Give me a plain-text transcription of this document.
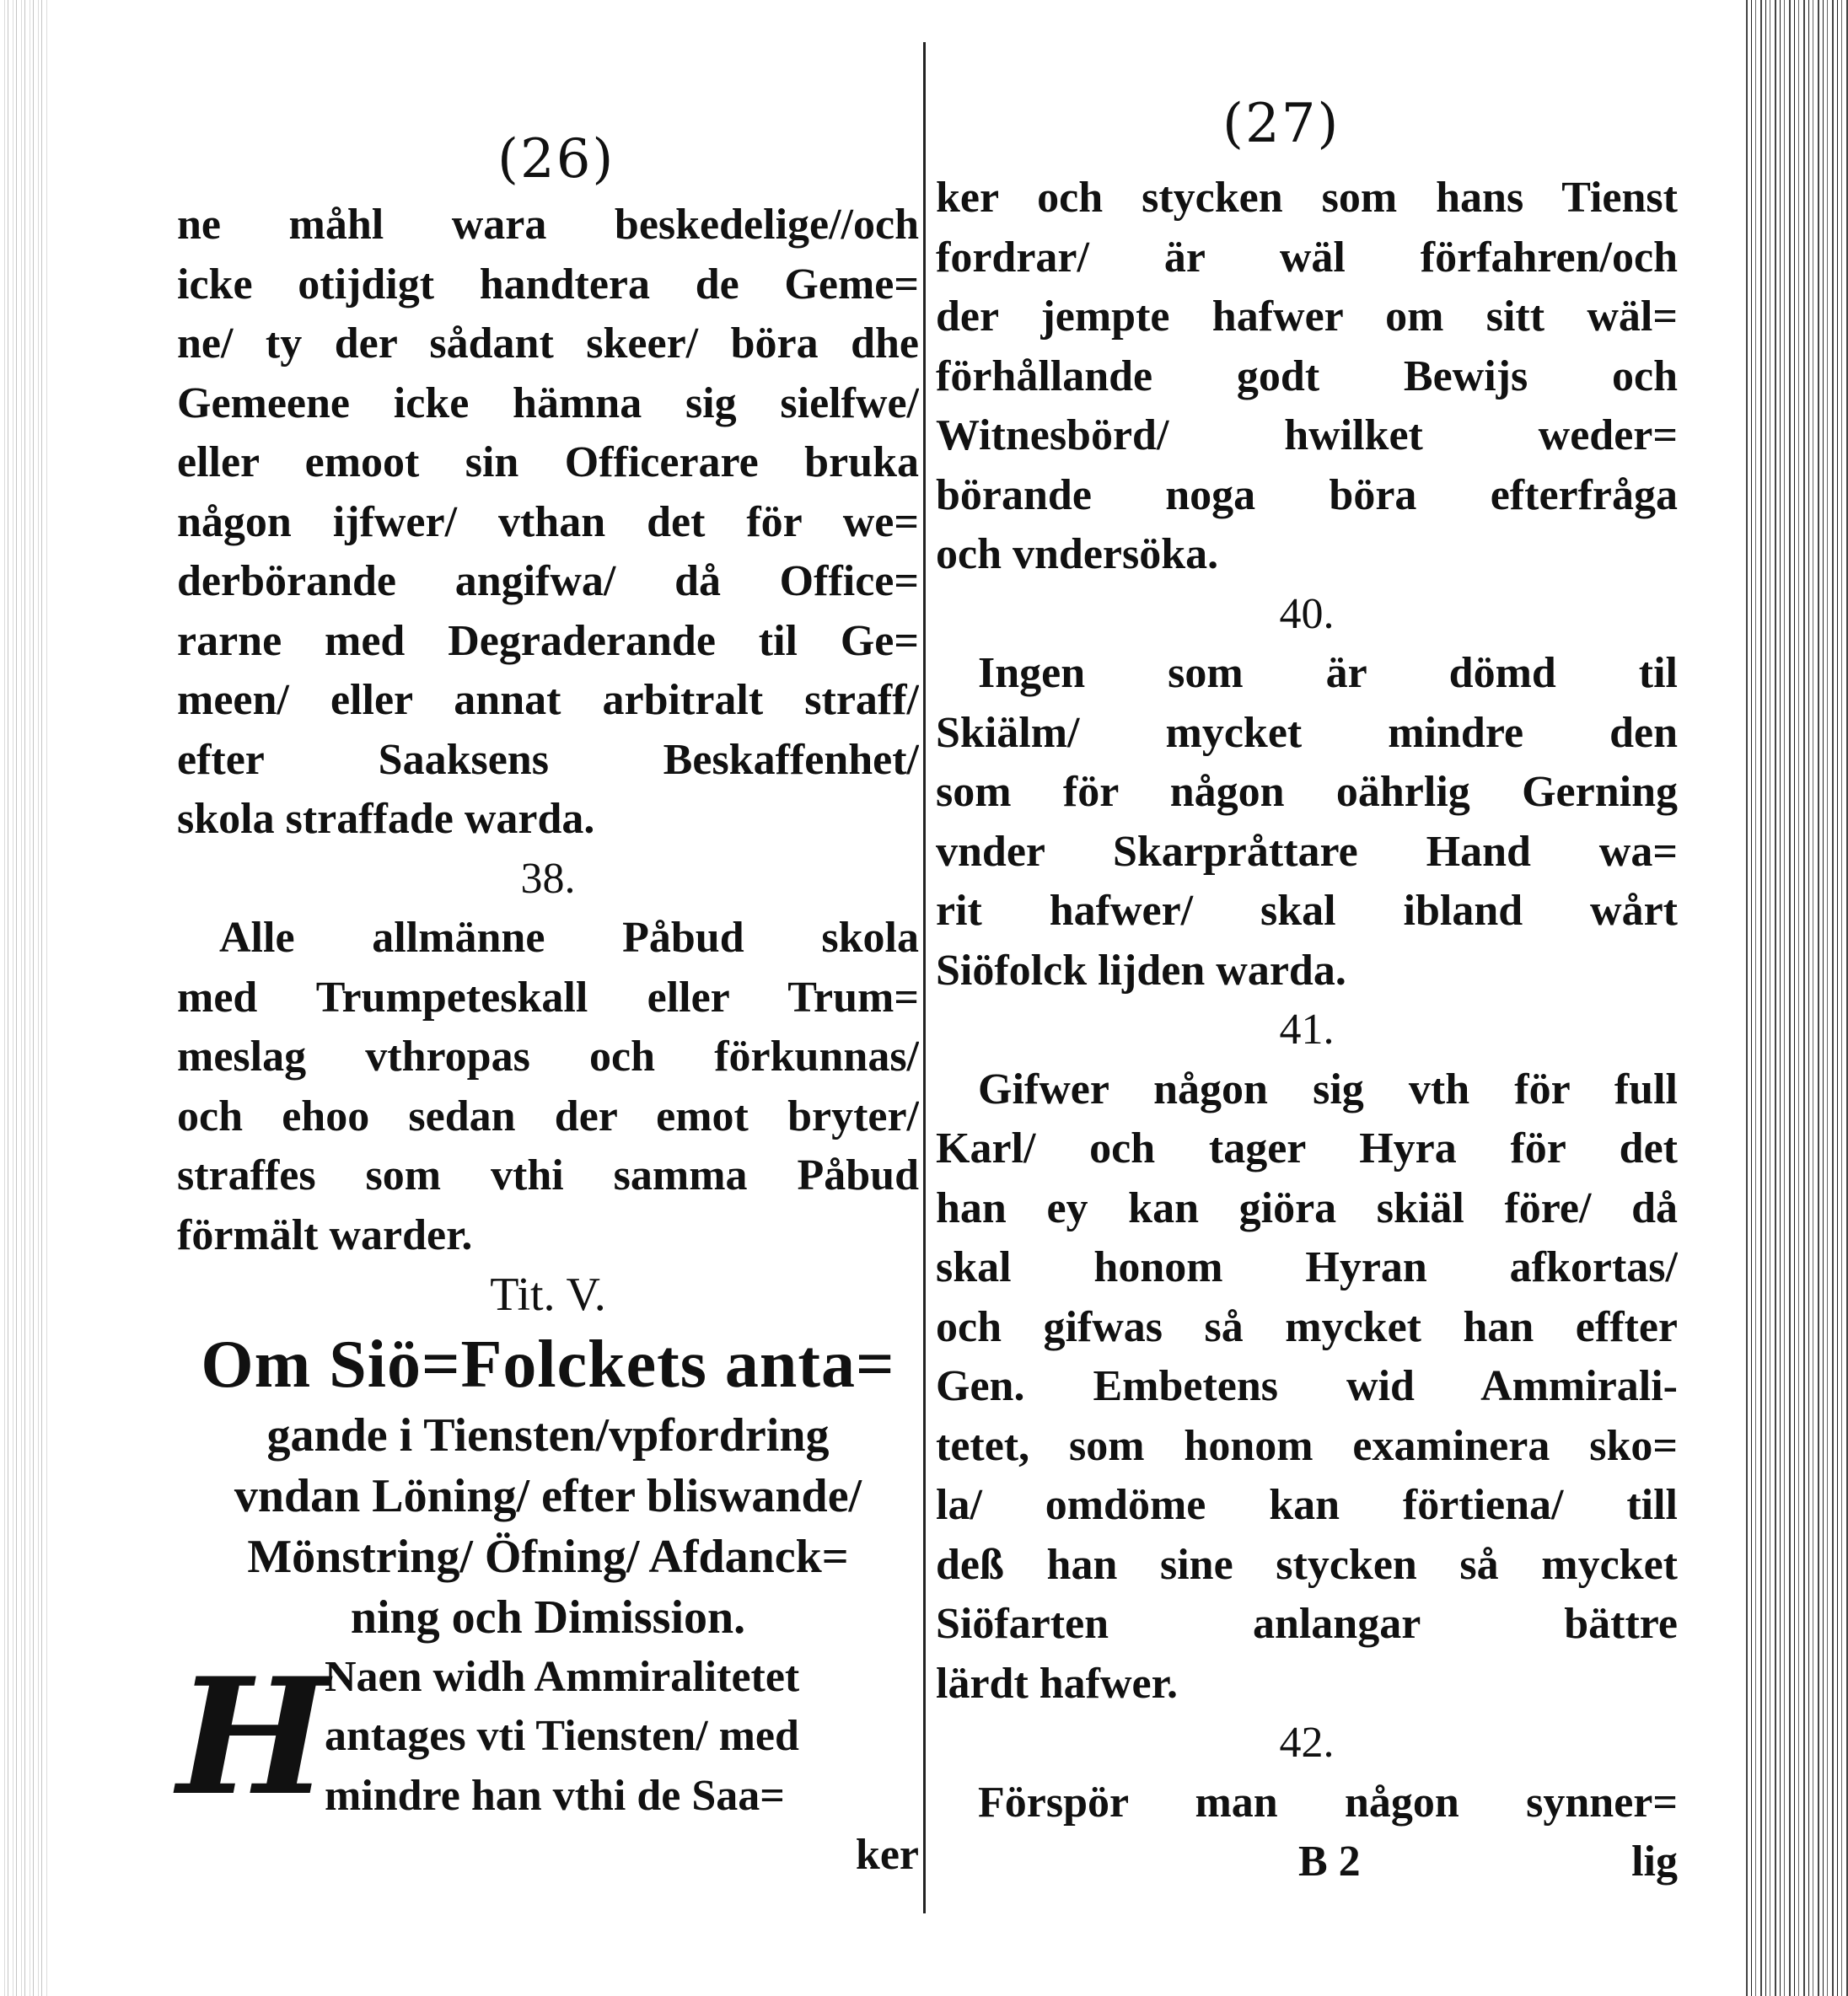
(26)
ne måhl wara beskedelige//och
icke otijdigt handtera de Geme=
ne/ ty der sådant skeer/ böra dhe
Gemeene icke hämna sig sielfwe/
eller emoot sin Officerare bruka
någon ijfwer/ vthan det för we=
derbörande angifwa/ då Office=
rarne med Degraderande til Ge=
meen/ eller annat arbitralt straff/
efter Saaksens Beskaffenhet/
skola straffade warda.
38.
Alle allmänne Påbud skola
med Trumpeteskall eller Trum=
meslag vthropas och förkunnas/
och ehoo sedan der emot bryter/
straffes som vthi samma Påbud
förmält warder.
Tit. V.
Om Siö=Folckets anta=
gande i Tiensten/vpfordring
vndan Löning/ efter bliswande/
Mönstring/ Öfning/ Afdanck=
ning och Dimission.
H
Naen widh Ammiralitetet
antages vti Tiensten/ med
mindre han vthi de Saa=
ker
(27)
ker och stycken som hans Tienst
fordrar/ är wäl förfahren/och
der jempte hafwer om sitt wäl=
förhållande godt Bewijs och
Witnesbörd/ hwilket weder=
börande noga böra efterfråga
och vndersöka.
40.
Ingen som är dömd til
Skiälm/ mycket mindre den
som för någon oährlig Gerning
vnder Skarpråttare Hand wa=
rit hafwer/ skal ibland wårt
Siöfolck lijden warda.
41.
Gifwer någon sig vth för full
Karl/ och tager Hyra för det
han ey kan giöra skiäl före/ då
skal honom Hyran afkortas/
och gifwas så mycket han effter
Gen. Embetens wid Ammirali-
tetet, som honom examinera sko=
la/ omdöme kan förtiena/ till
deß han sine stycken så mycket
Siöfarten anlangar bättre
lärdt hafwer.
42.
Förspör man någon synner=
B 2	lig
